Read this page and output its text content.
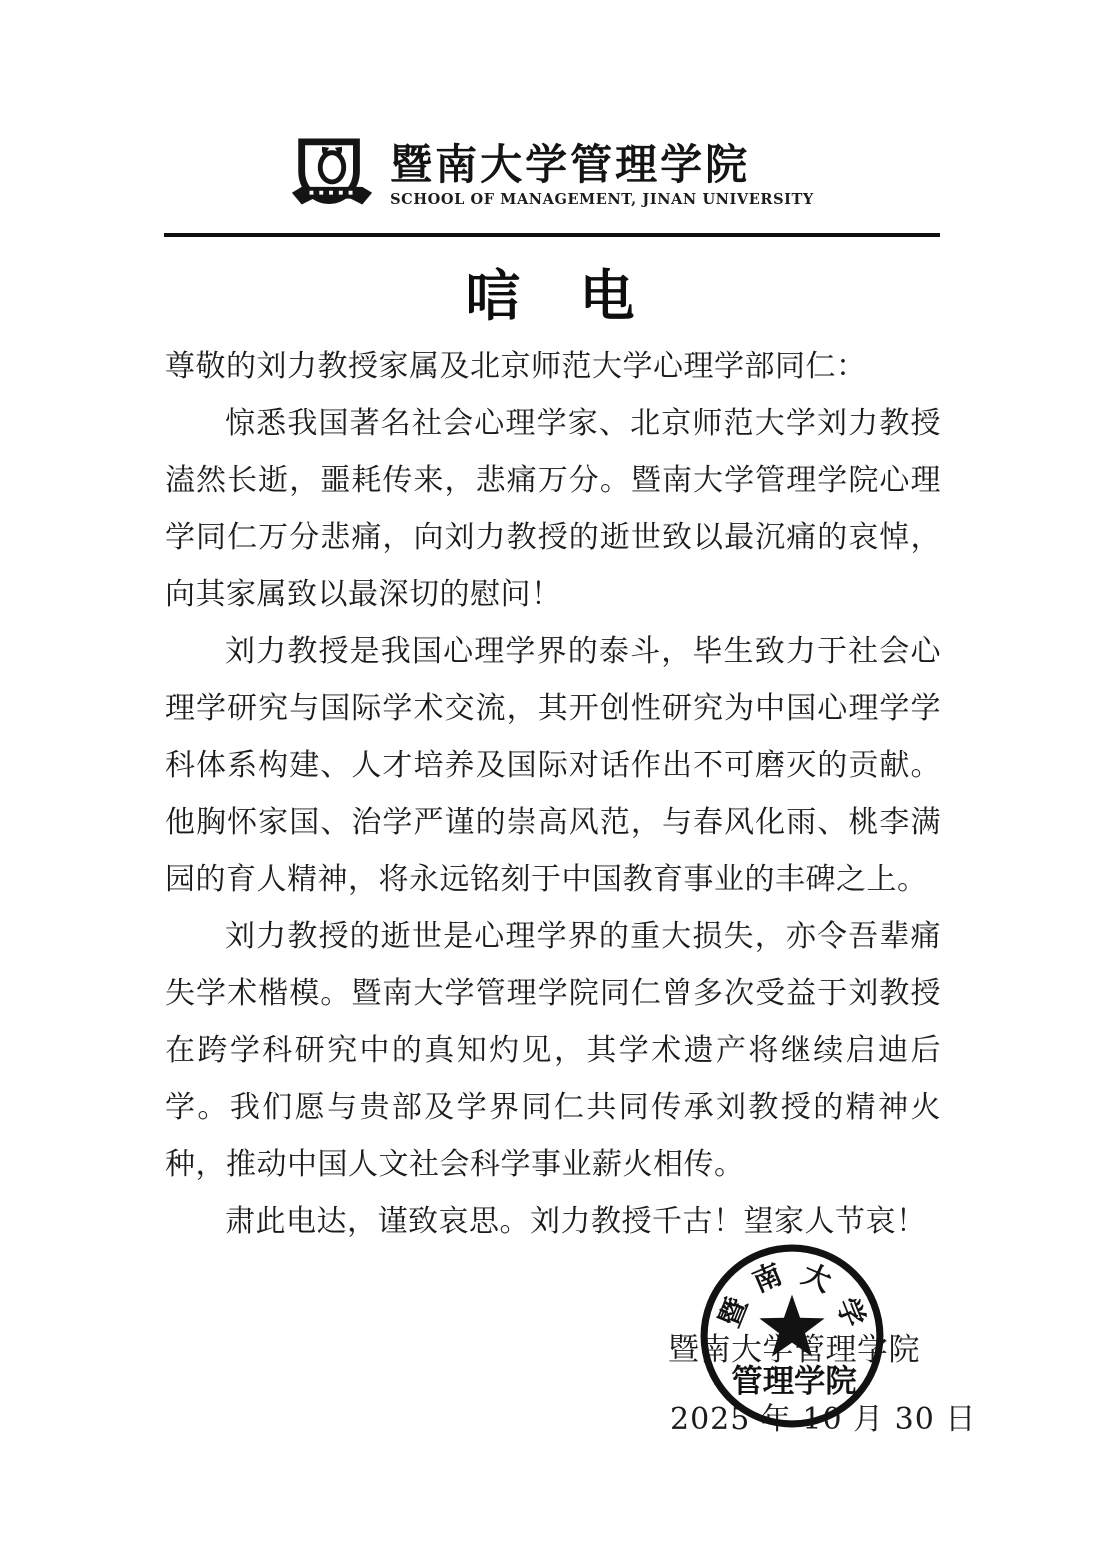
暨南大学管理学院
SCHOOL OF MANAGEMENT, JINAN UNIVERSITY
唁　电

尊敬的刘力教授家属及北京师范大学心理学部同仁：

惊悉我国著名社会心理学家、北京师范大学刘力教授溘然长逝，噩耗传来，悲痛万分。暨南大学管理学院心理学同仁万分悲痛，向刘力教授的逝世致以最沉痛的哀悼，向其家属致以最深切的慰问！

刘力教授是我国心理学界的泰斗，毕生致力于社会心理学研究与国际学术交流，其开创性研究为中国心理学学科体系构建、人才培养及国际对话作出不可磨灭的贡献。他胸怀家国、治学严谨的崇高风范，与春风化雨、桃李满园的育人精神，将永远铭刻于中国教育事业的丰碑之上。

刘力教授的逝世是心理学界的重大损失，亦令吾辈痛失学术楷模。暨南大学管理学院同仁曾多次受益于刘教授在跨学科研究中的真知灼见，其学术遗产将继续启迪后学。我们愿与贵部及学界同仁共同传承刘教授的精神火种，推动中国人文社会科学事业薪火相传。

肃此电达，谨致哀思。刘力教授千古！望家人节哀！

暨南大学管理学院
2025 年 10 月 30 日
暨
南 大
学
管理学院
